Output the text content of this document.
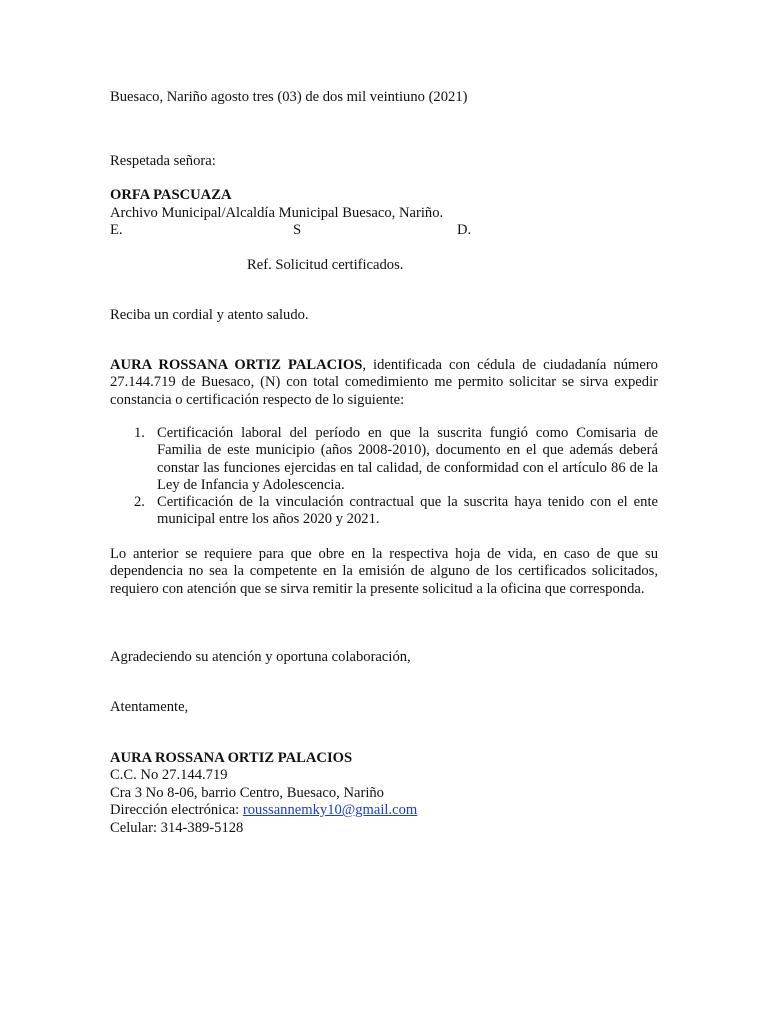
Buesaco, Nariño agosto tres (03) de dos mil veintiuno (2021)
Respetada señora:
ORFA PASCUAZA
Archivo Municipal/Alcaldía Municipal Buesaco, Nariño.
E.	S	D.
Ref. Solicitud certificados.
Reciba un cordial y atento saludo.
AURA ROSSANA ORTIZ PALACIOS, identificada con cédula de ciudadanía número 27.144.719 de Buesaco, (N) con total comedimiento me permito solicitar se sirva expedir constancia o certificación respecto de lo siguiente:
1. Certificación laboral del período en que la suscrita fungió como Comisaria de Familia de este municipio (años 2008-2010), documento en el que además deberá constar las funciones ejercidas en tal calidad, de conformidad con el artículo 86 de la Ley de Infancia y Adolescencia.
2. Certificación de la vinculación contractual que la suscrita haya tenido con el ente municipal entre los años 2020 y 2021.
Lo anterior se requiere para que obre en la respectiva hoja de vida, en caso de que su dependencia no sea la competente en la emisión de alguno de los certificados solicitados, requiero con atención que se sirva remitir la presente solicitud a la oficina que corresponda.
Agradeciendo su atención y oportuna colaboración,
Atentamente,
AURA ROSSANA ORTIZ PALACIOS
C.C. No 27.144.719
Cra 3 No 8-06, barrio Centro, Buesaco, Nariño
Dirección electrónica: roussannemky10@gmail.com
Celular: 314-389-5128
